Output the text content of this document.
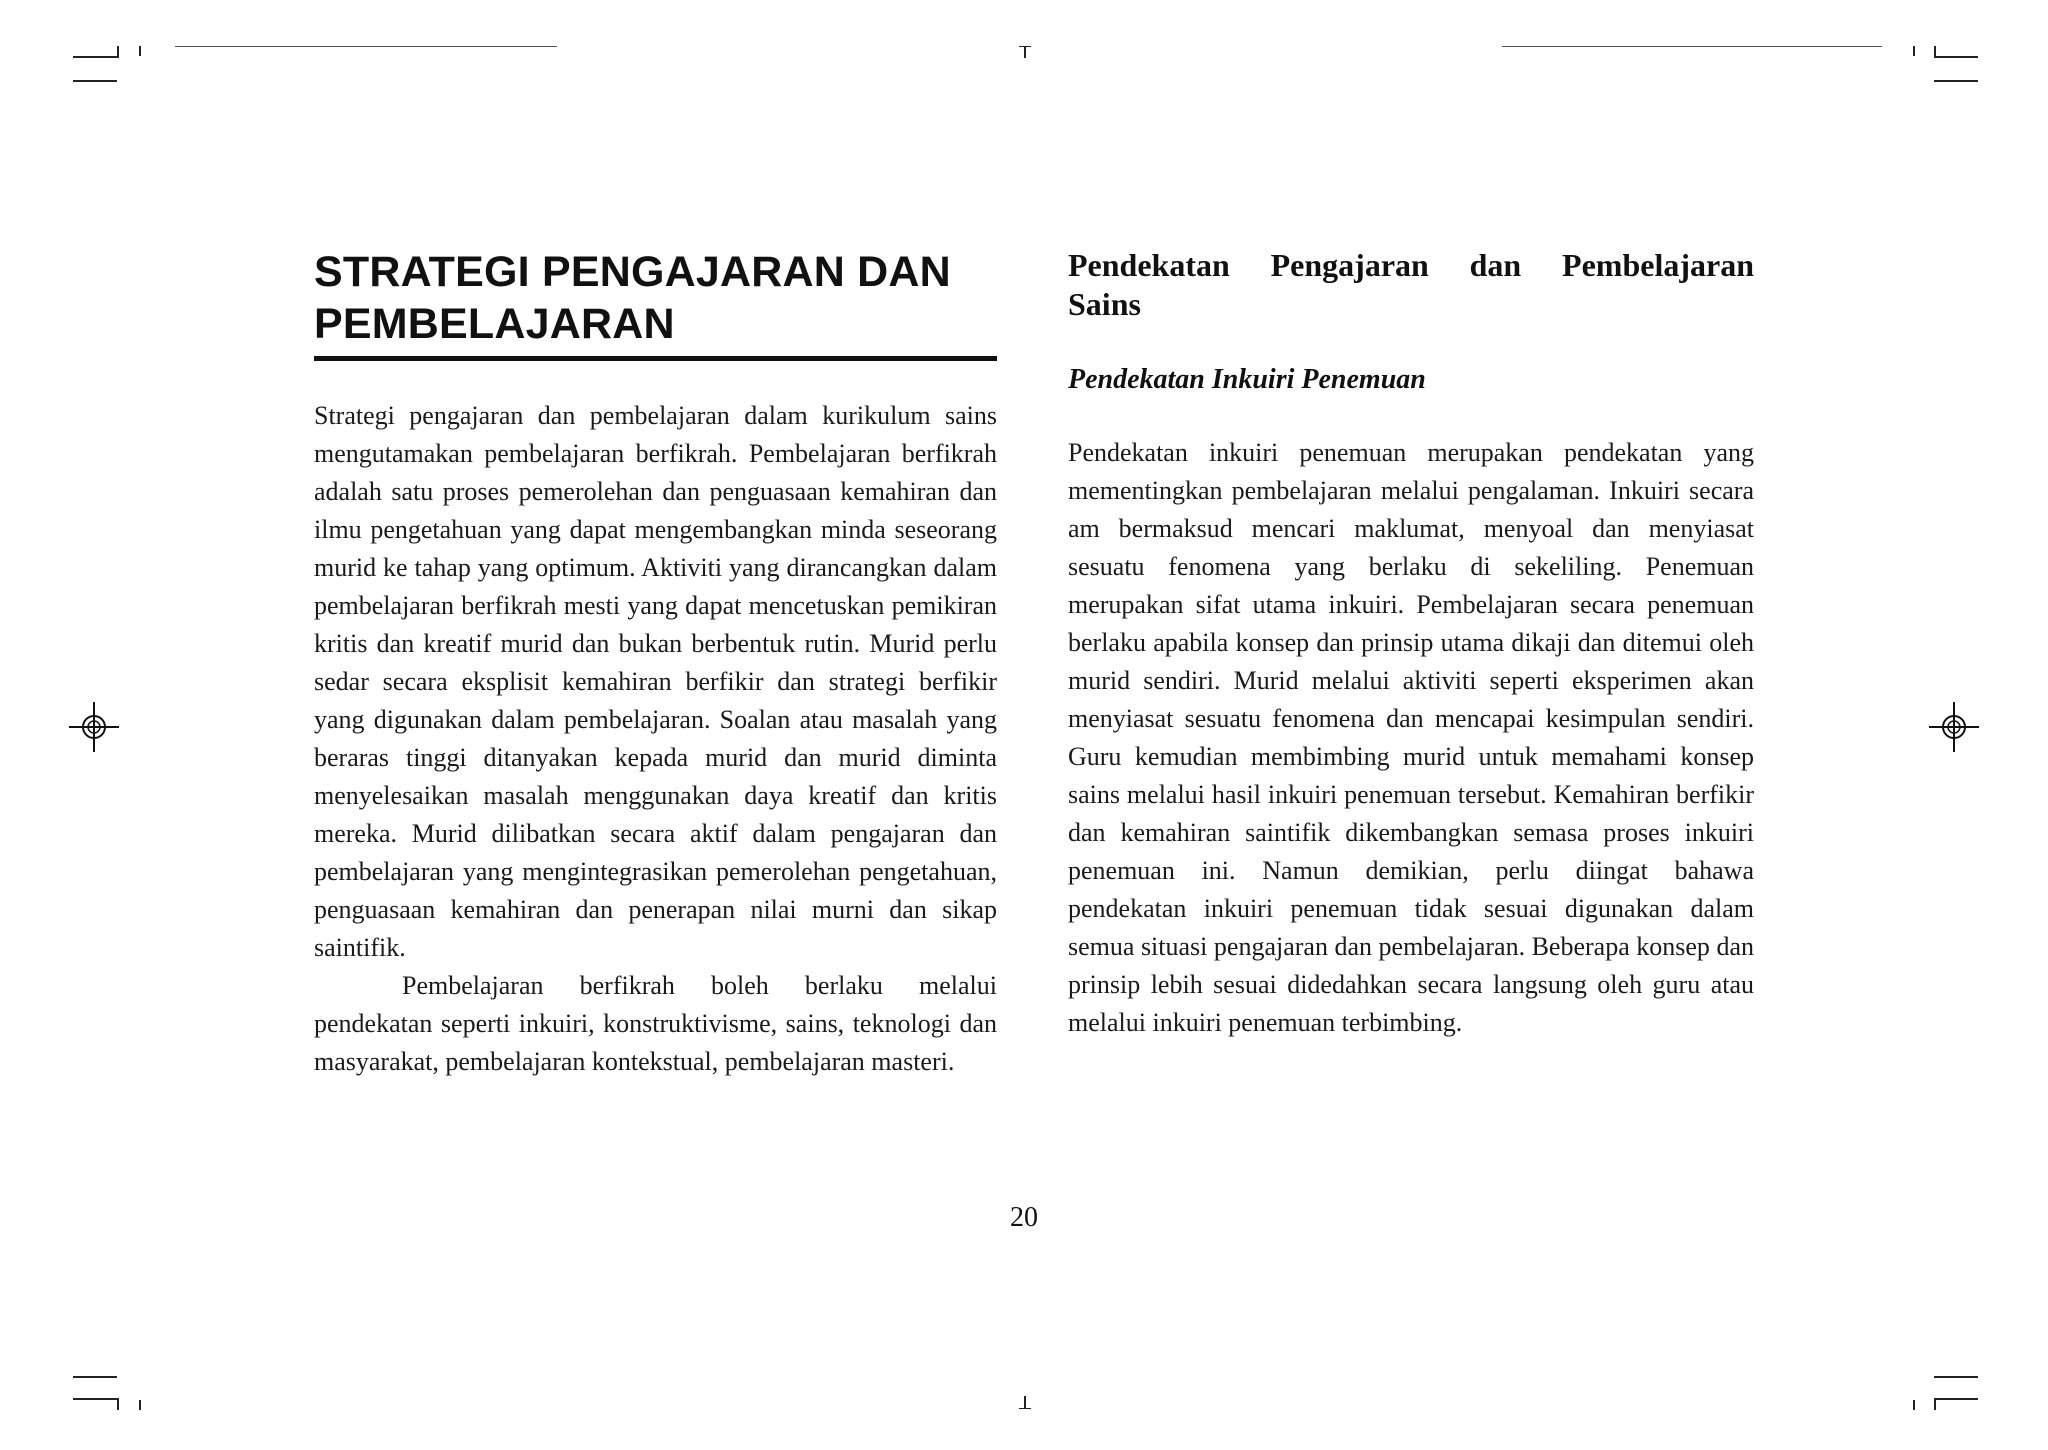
STRATEGI PENGAJARAN DAN PEMBELAJARAN

Strategi pengajaran dan pembelajaran dalam kurikulum sains mengutamakan pembelajaran berfikrah. Pembelajaran berfikrah adalah satu proses pemerolehan dan penguasaan kemahiran dan ilmu pengetahuan yang dapat mengembangkan minda seseorang murid ke tahap yang optimum. Aktiviti yang dirancangkan dalam pembelajaran berfikrah mesti yang dapat mencetuskan pemikiran kritis dan kreatif murid dan bukan berbentuk rutin. Murid perlu sedar secara eksplisit kemahiran berfikir dan strategi berfikir yang digunakan dalam pembelajaran. Soalan atau masalah yang beraras tinggi ditanyakan kepada murid dan murid diminta menyelesaikan masalah menggunakan daya kreatif dan kritis mereka. Murid dilibatkan secara aktif dalam pengajaran dan pembelajaran yang mengintegrasikan pemerolehan pengetahuan, penguasaan kemahiran dan penerapan nilai murni dan sikap saintifik.

Pembelajaran berfikrah boleh berlaku melalui pendekatan seperti inkuiri, konstruktivisme, sains, teknologi dan masyarakat, pembelajaran kontekstual, pembelajaran masteri.

Pendekatan Pengajaran dan Pembelajaran Sains
Pendekatan Inkuiri Penemuan

Pendekatan inkuiri penemuan merupakan pendekatan yang mementingkan pembelajaran melalui pengalaman. Inkuiri secara am bermaksud mencari maklumat, menyoal dan menyiasat sesuatu fenomena yang berlaku di sekeliling. Penemuan merupakan sifat utama inkuiri. Pembelajaran secara penemuan berlaku apabila konsep dan prinsip utama dikaji dan ditemui oleh murid sendiri. Murid melalui aktiviti seperti eksperimen akan menyiasat sesuatu fenomena dan mencapai kesimpulan sendiri. Guru kemudian membimbing murid untuk memahami konsep sains melalui hasil inkuiri penemuan tersebut. Kemahiran berfikir dan kemahiran saintifik dikembangkan semasa proses inkuiri penemuan ini. Namun demikian, perlu diingat bahawa pendekatan inkuiri penemuan tidak sesuai digunakan dalam semua situasi pengajaran dan pembelajaran. Beberapa konsep dan prinsip lebih sesuai didedahkan secara langsung oleh guru atau melalui inkuiri penemuan terbimbing.

20
